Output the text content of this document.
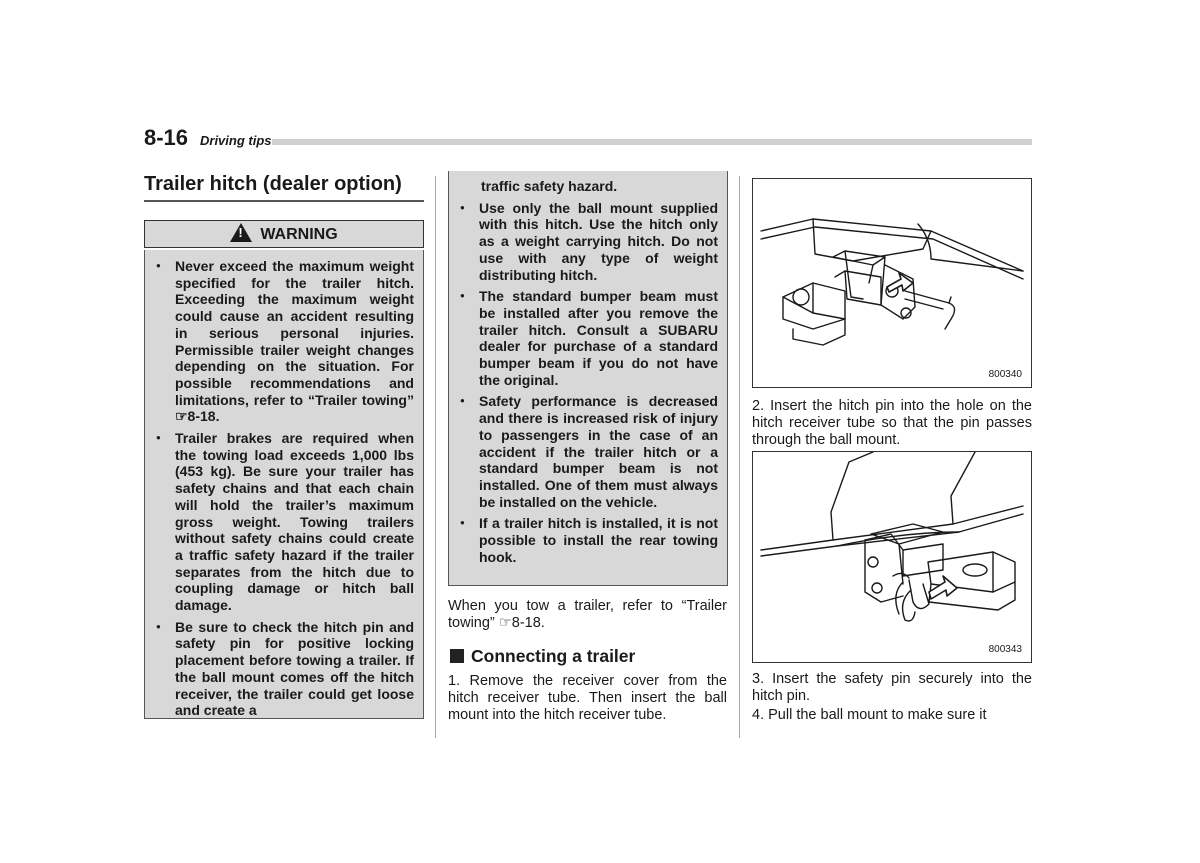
8-16 Driving tips
Trailer hitch (dealer option)
!WARNING
● Never exceed the maximum weight specified for the trailer hitch. Exceeding the maximum weight could cause an accident resulting in serious personal injuries. Permissible trailer weight changes depending on the situation. For possible recommendations and limitations, refer to “Trailer towing” ☞8-18.
● Trailer brakes are required when the towing load exceeds 1,000 lbs (453 kg). Be sure your trailer has safety chains and that each chain will hold the trailer’s maximum gross weight. Towing trailers without safety chains could create a traffic safety hazard if the trailer separates from the hitch due to coupling damage or hitch ball damage.
● Be sure to check the hitch pin and safety pin for positive locking placement before towing a trailer. If the ball mount comes off the hitch receiver, the trailer could get loose and create a
traffic safety hazard.
● Use only the ball mount supplied with this hitch. Use the hitch only as a weight carrying hitch. Do not use with any type of weight distributing hitch.
● The standard bumper beam must be installed after you remove the trailer hitch. Consult a SUBARU dealer for purchase of a standard bumper beam if you do not have the original.
● Safety performance is decreased and there is increased risk of injury to passengers in the case of an accident if the trailer hitch or a standard bumper beam is not installed. One of them must always be installed on the vehicle.
● If a trailer hitch is installed, it is not possible to install the rear towing hook.
When you tow a trailer, refer to “Trailer towing” ☞8-18.
Connecting a trailer
1. Remove the receiver cover from the hitch receiver tube. Then insert the ball mount into the hitch receiver tube.
800340
2. Insert the hitch pin into the hole on the hitch receiver tube so that the pin passes through the ball mount.
800343
3. Insert the safety pin securely into the hitch pin.
4. Pull the ball mount to make sure it
